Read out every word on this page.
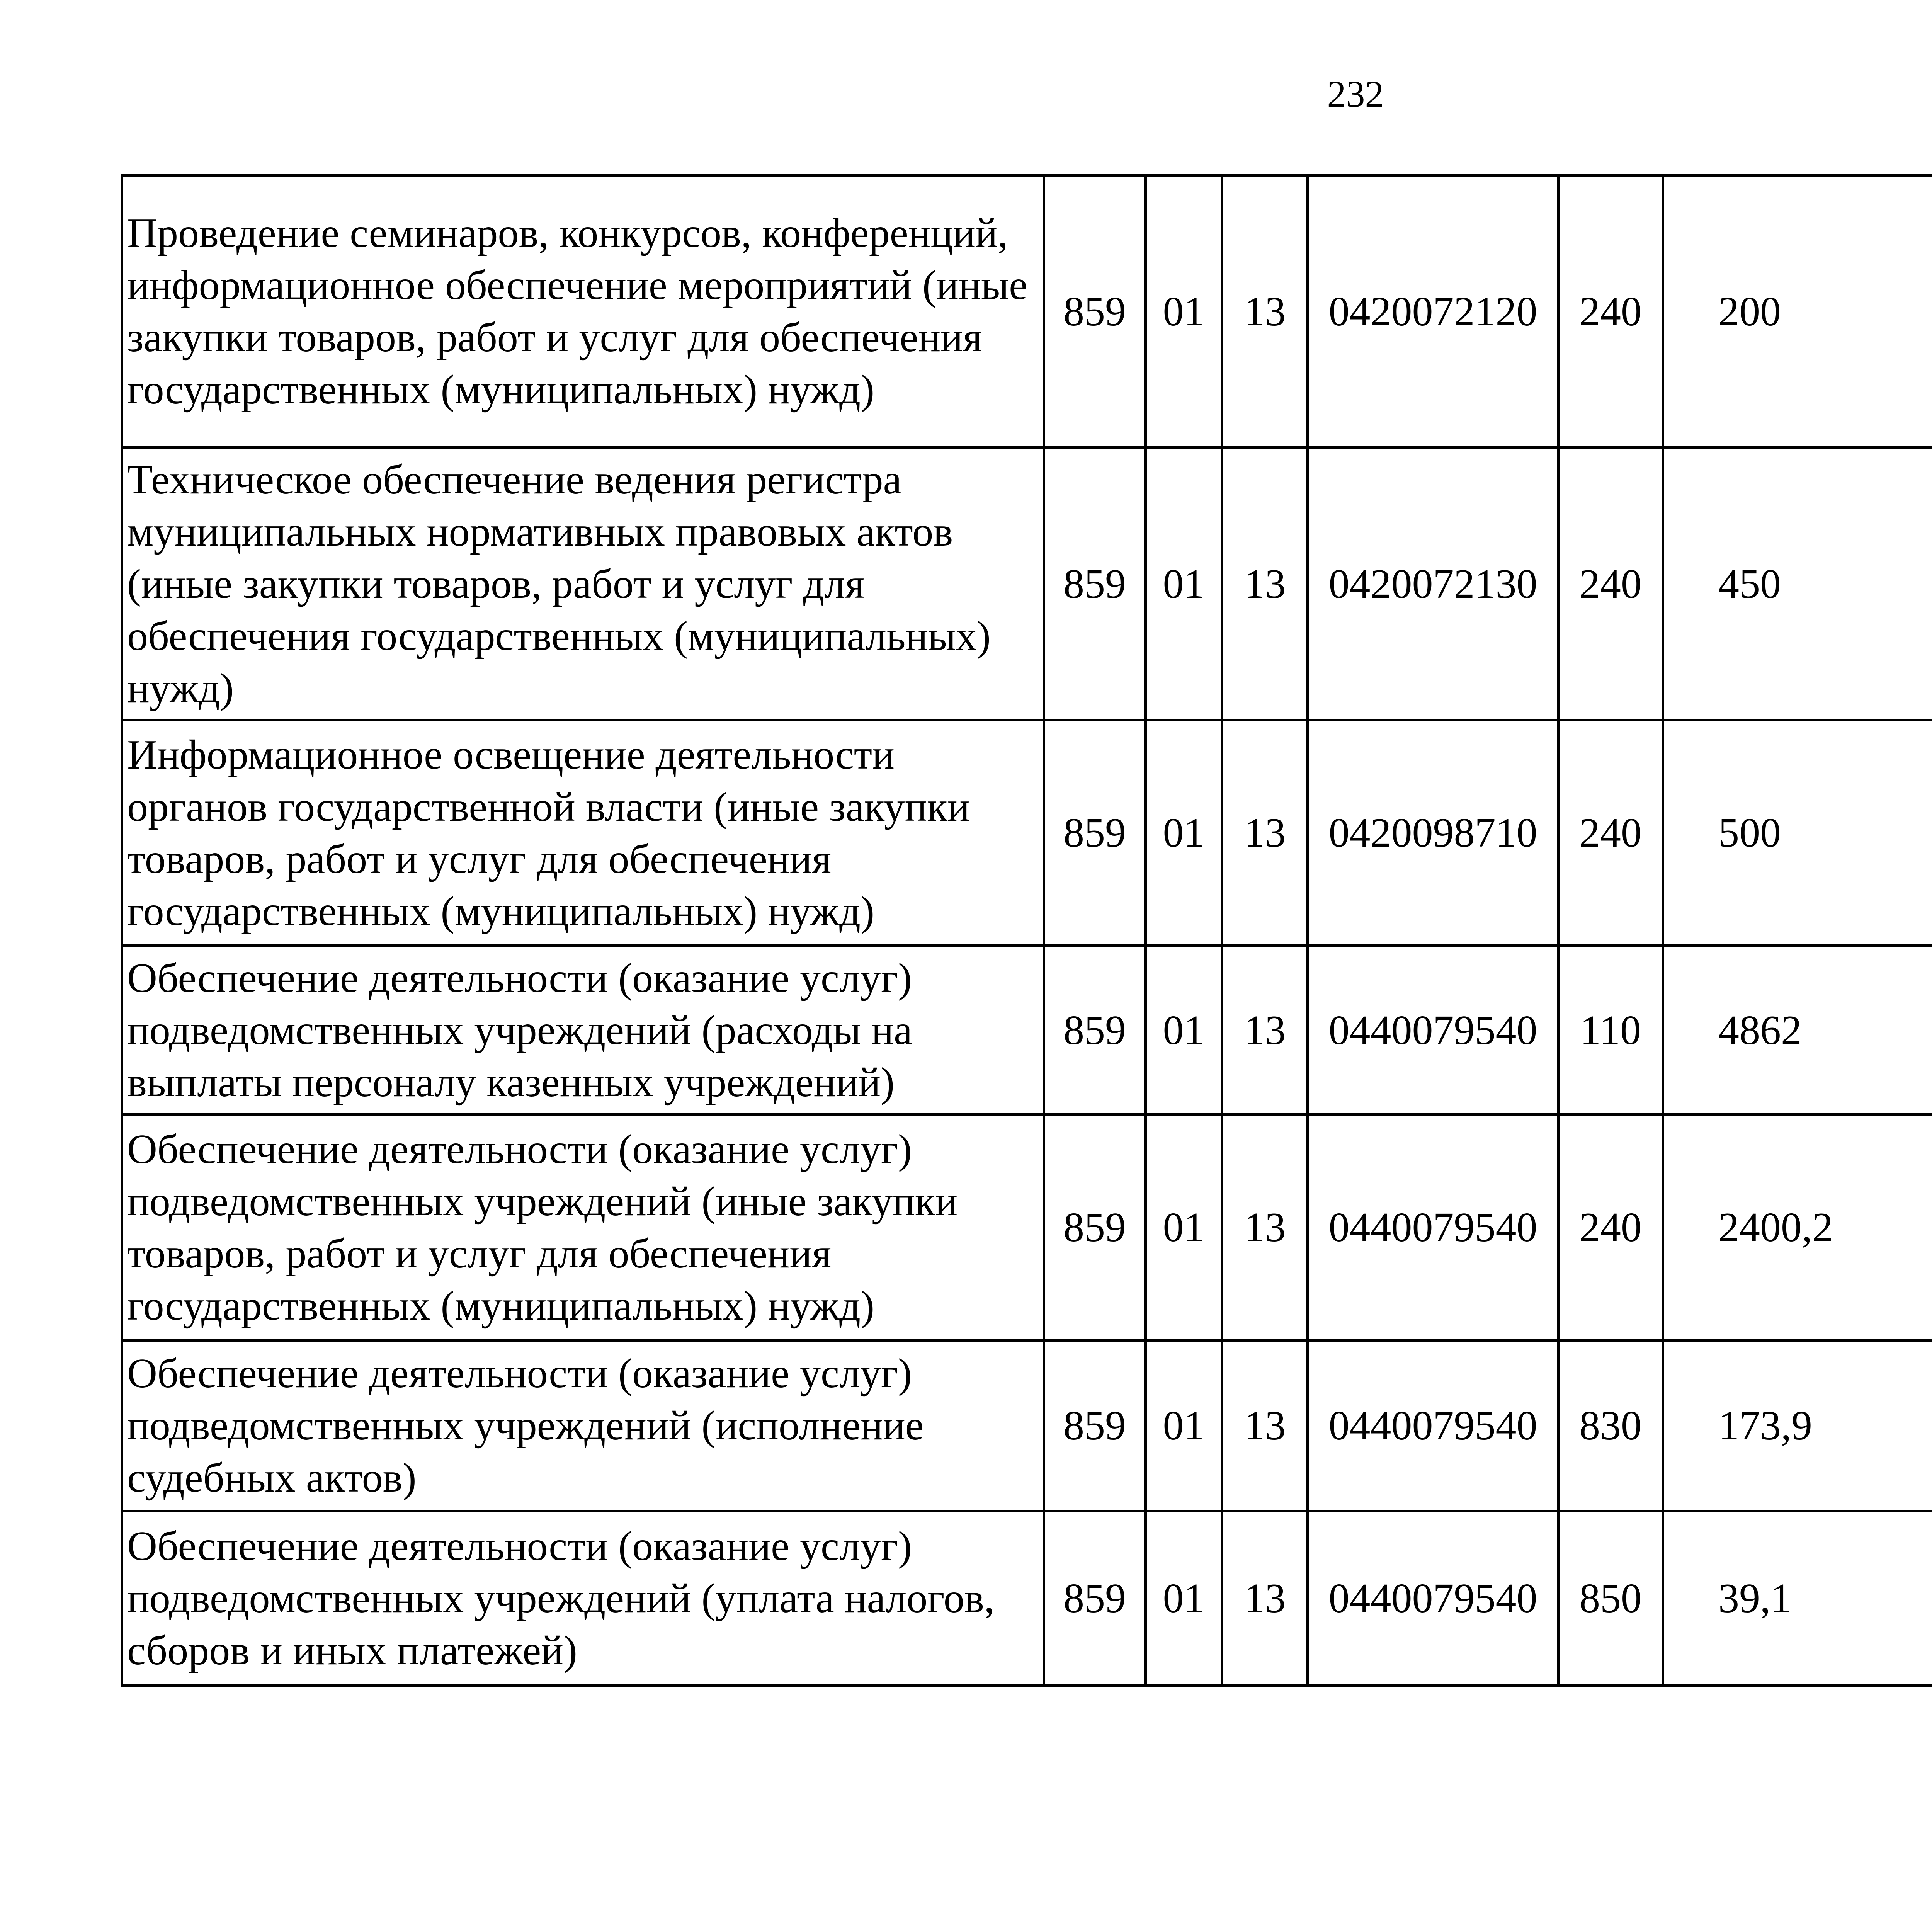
232
Проведение семинаров, конкурсов, конференций, информационное обеспечение мероприятий (иные закупки товаров, работ и услуг для обеспечения государственных (муниципальных) нужд)	859	01	13	0420072120	240	200		
Техническое обеспечение ведения регистра муниципальных нормативных правовых актов (иные закупки товаров, работ и услуг для обеспечения государственных (муниципальных) нужд)	859	01	13	0420072130	240	450		
Информационное освещение деятельности органов государственной власти (иные закупки товаров, работ и услуг для обеспечения государственных (муниципальных) нужд)	859	01	13	0420098710	240	500		
Обеспечение деятельности (оказание услуг) подведомственных учреждений (расходы на выплаты персоналу казенных учреждений)	859	01	13	0440079540	110	4862		
Обеспечение деятельности (оказание услуг) подведомственных учреждений (иные закупки товаров, работ и услуг для обеспечения государственных (муниципальных) нужд)	859	01	13	0440079540	240	2400,2		
Обеспечение деятельности (оказание услуг) подведомственных учреждений (исполнение судебных актов)	859	01	13	0440079540	830	173,9		
Обеспечение деятельности (оказание услуг) подведомственных учреждений (уплата налогов, сборов и иных платежей)	859	01	13	0440079540	850	39,1		
